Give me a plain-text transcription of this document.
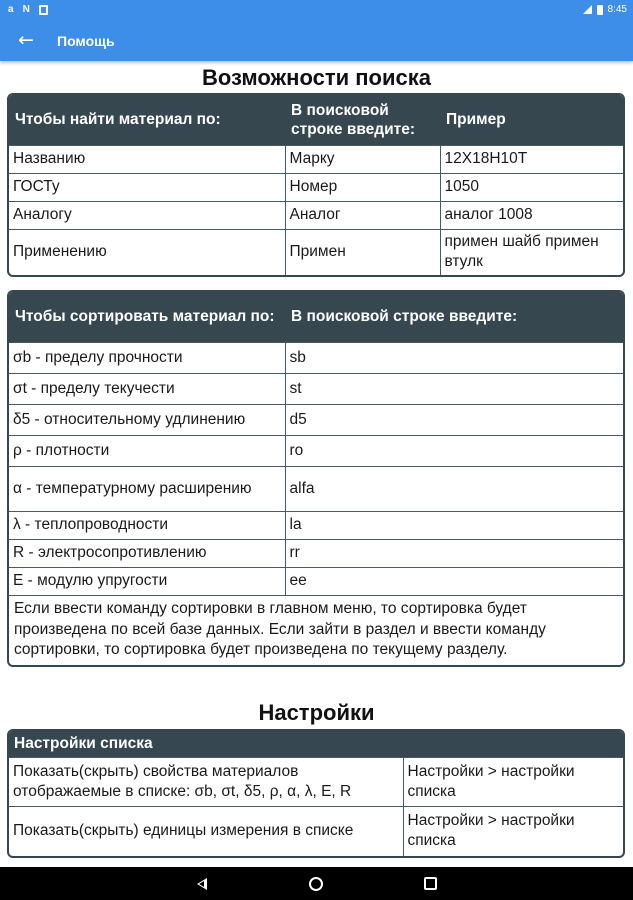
a N	8:45
← Помощь
Возможности поиска
Чтобы найти материал по:	В поисковой строке введите:	Пример
Названию	Марку	12Х18Н10Т
ГОСТу	Номер	1050
Аналогу	Аналог	аналог 1008
Применению	Примен	примен шайб примен втулк
Чтобы сортировать материал по:	В поисковой строке введите:
σb - пределу прочности	sb
σt - пределу текучести	st
δ5 - относительному удлинению	d5
ρ - плотности	ro
α - температурному расширению	alfa
λ - теплопроводности	la
R - электросопротивлению	rr
E - модулю упругости	ee
Если ввести команду сортировки в главном меню, то сортировка будет произведена по всей базе данных. Если зайти в раздел и ввести команду сортировки, то сортировка будет произведена по текущему разделу.
Настройки
Настройки списка
Показать(скрыть) свойства материалов отображаемые в списке: σb, σt, δ5, ρ, α, λ, E, R	Настройки > настройки списка
Показать(скрыть) единицы измерения в списке	Настройки > настройки списка
